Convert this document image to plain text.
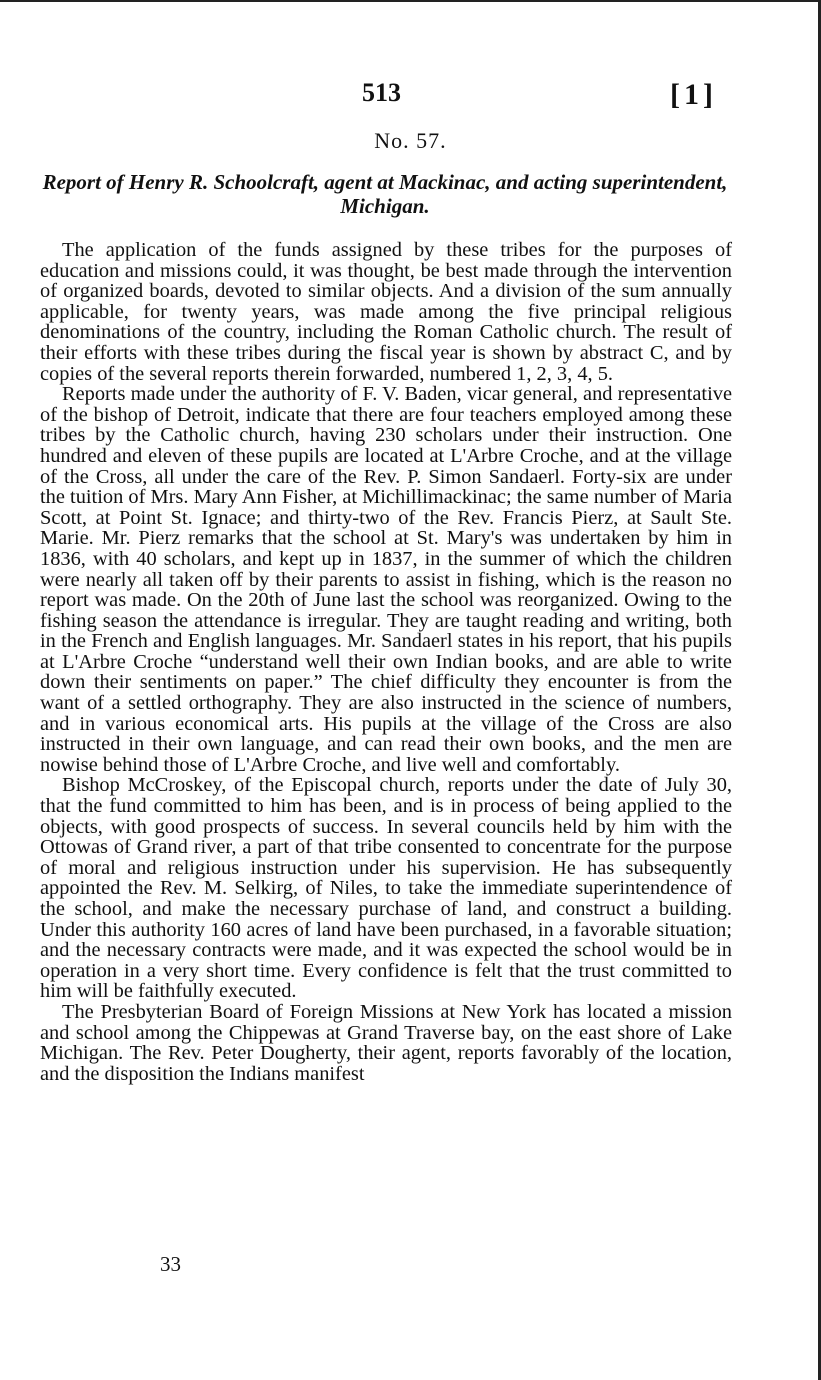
513	[1]
No. 57.
Report of Henry R. Schoolcraft, agent at Mackinac, and acting superintendent, Michigan.

The application of the funds assigned by these tribes for the purposes of education and missions could, it was thought, be best made through the intervention of organized boards, devoted to similar objects. And a division of the sum annually applicable, for twenty years, was made among the five principal religious denominations of the country, including the Roman Catholic church. The result of their efforts with these tribes during the fiscal year is shown by abstract C, and by copies of the several reports therein forwarded, numbered 1, 2, 3, 4, 5.

Reports made under the authority of F. V. Baden, vicar general, and representative of the bishop of Detroit, indicate that there are four teachers employed among these tribes by the Catholic church, having 230 scholars under their instruction. One hundred and eleven of these pupils are located at L'Arbre Croche, and at the village of the Cross, all under the care of the Rev. P. Simon Sandaerl. Forty-six are under the tuition of Mrs. Mary Ann Fisher, at Michillimackinac; the same number of Maria Scott, at Point St. Ignace; and thirty-two of the Rev. Francis Pierz, at Sault Ste. Marie. Mr. Pierz remarks that the school at St. Mary's was undertaken by him in 1836, with 40 scholars, and kept up in 1837, in the summer of which the children were nearly all taken off by their parents to assist in fishing, which is the reason no report was made. On the 20th of June last the school was reorganized. Owing to the fishing season the attendance is irregular. They are taught reading and writing, both in the French and English languages. Mr. Sandaerl states in his report, that his pupils at L'Arbre Croche “understand well their own Indian books, and are able to write down their sentiments on paper.” The chief difficulty they encounter is from the want of a settled orthography. They are also instructed in the science of numbers, and in various economical arts. His pupils at the village of the Cross are also instructed in their own language, and can read their own books, and the men are nowise behind those of L'Arbre Croche, and live well and comfortably.

Bishop McCroskey, of the Episcopal church, reports under the date of July 30, that the fund committed to him has been, and is in process of being applied to the objects, with good prospects of success. In several councils held by him with the Ottowas of Grand river, a part of that tribe consented to concentrate for the purpose of moral and religious instruction under his supervision. He has subsequently appointed the Rev. M. Selkirg, of Niles, to take the immediate superintendence of the school, and make the necessary purchase of land, and construct a building. Under this authority 160 acres of land have been purchased, in a favorable situation; and the necessary contracts were made, and it was expected the school would be in operation in a very short time. Every confidence is felt that the trust committed to him will be faithfully executed.

The Presbyterian Board of Foreign Missions at New York has located a mission and school among the Chippewas at Grand Traverse bay, on the east shore of Lake Michigan. The Rev. Peter Dougherty, their agent, reports favorably of the location, and the disposition the Indians manifest

33
